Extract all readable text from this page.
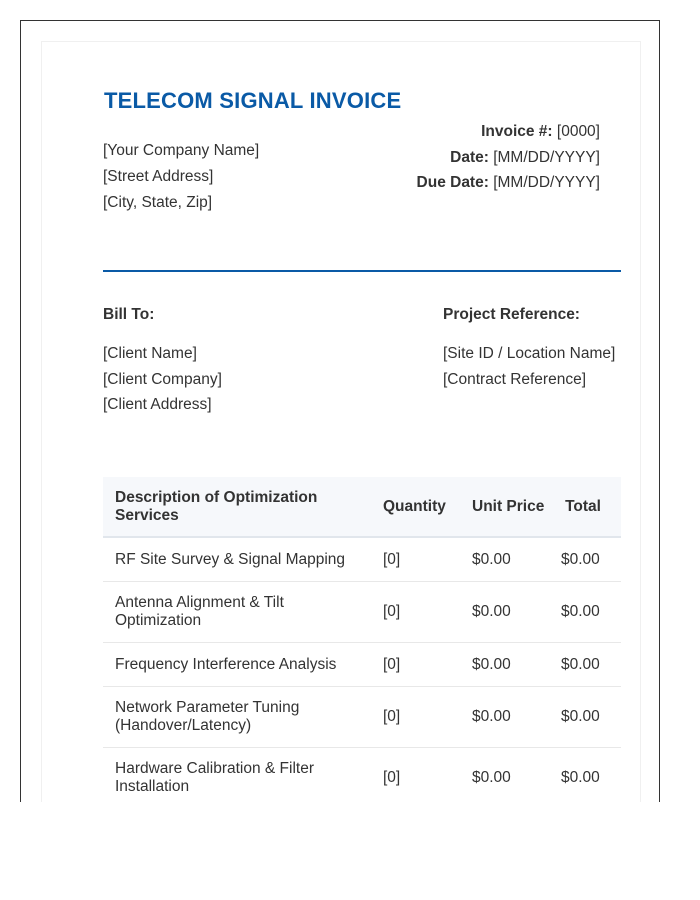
TELECOM SIGNAL INVOICE
[Your Company Name]
[Street Address]
[City, State, Zip]
Invoice #: [0000]
Date: [MM/DD/YYYY]
Due Date: [MM/DD/YYYY]
Bill To:
[Client Name]
[Client Company]
[Client Address]
Project Reference:
[Site ID / Location Name]
[Contract Reference]
Description of Optimization Services	Quantity	Unit Price	Total
RF Site Survey & Signal Mapping	[0]	$0.00	$0.00
Antenna Alignment & Tilt Optimization	[0]	$0.00	$0.00
Frequency Interference Analysis	[0]	$0.00	$0.00
Network Parameter Tuning (Handover/Latency)	[0]	$0.00	$0.00
Hardware Calibration & Filter Installation	[0]	$0.00	$0.00
